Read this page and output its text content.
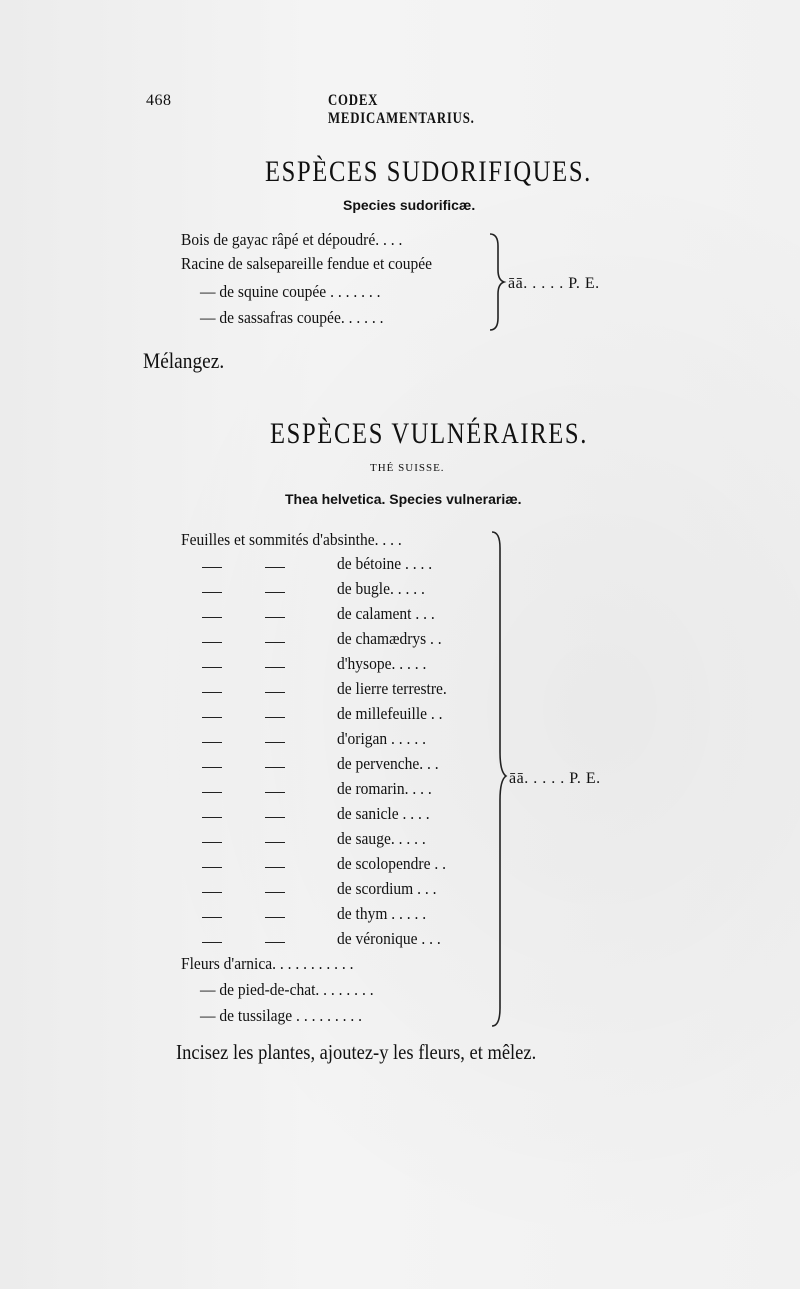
468	CODEX MEDICAMENTARIUS.
ESPÈCES SUDORIFIQUES.
Species sudorificæ.
Bois de gayac râpé et dépoudré. . . .
Racine de salsepareille fendue et coupée
— de squine coupée . . . . . . .
— de sassafras coupée. . . . . .
āā. . . . . P. E.
Mélangez.
ESPÈCES VULNÉRAIRES.
THÉ SUISSE.
Thea helvetica. Species vulnerariæ.
Feuilles et sommités d'absinthe. . . .
de bétoine . . . .
de bugle. . . . .
de calament . . .
de chamædrys . .
d'hysope. . . . .
de lierre terrestre.
de millefeuille . .
d'origan . . . . .
de pervenche. . .
de romarin. . . .
de sanicle . . . .
de sauge. . . . .
de scolopendre . .
de scordium . . .
de thym . . . . .
de véronique . . .
Fleurs d'arnica. . . . . . . . . . .
— de pied-de-chat. . . . . . . .
— de tussilage . . . . . . . . .
āā. . . . . P. E.
Incisez les plantes, ajoutez-y les fleurs, et mêlez.
